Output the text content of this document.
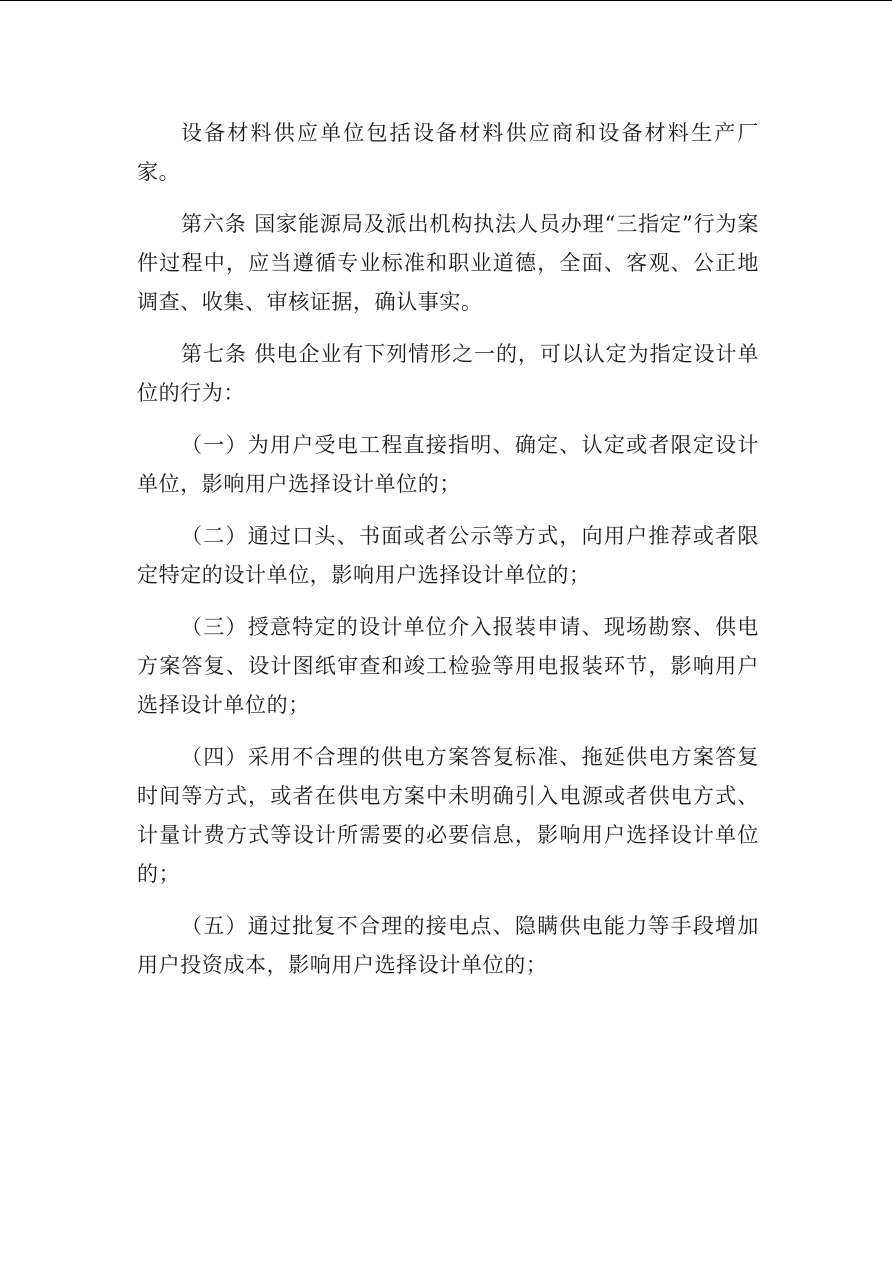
设备材料供应单位包括设备材料供应商和设备材料生产厂家。

第六条 国家能源局及派出机构执法人员办理“三指定”行为案件过程中，应当遵循专业标准和职业道德，全面、客观、公正地调查、收集、审核证据，确认事实。

第七条 供电企业有下列情形之一的，可以认定为指定设计单位的行为：

（一）为用户受电工程直接指明、确定、认定或者限定设计单位，影响用户选择设计单位的；

（二）通过口头、书面或者公示等方式，向用户推荐或者限定特定的设计单位，影响用户选择设计单位的；

（三）授意特定的设计单位介入报装申请、现场勘察、供电方案答复、设计图纸审查和竣工检验等用电报装环节，影响用户选择设计单位的；

（四）采用不合理的供电方案答复标准、拖延供电方案答复时间等方式，或者在供电方案中未明确引入电源或者供电方式、计量计费方式等设计所需要的必要信息，影响用户选择设计单位的；

（五）通过批复不合理的接电点、隐瞒供电能力等手段增加用户投资成本，影响用户选择设计单位的；
